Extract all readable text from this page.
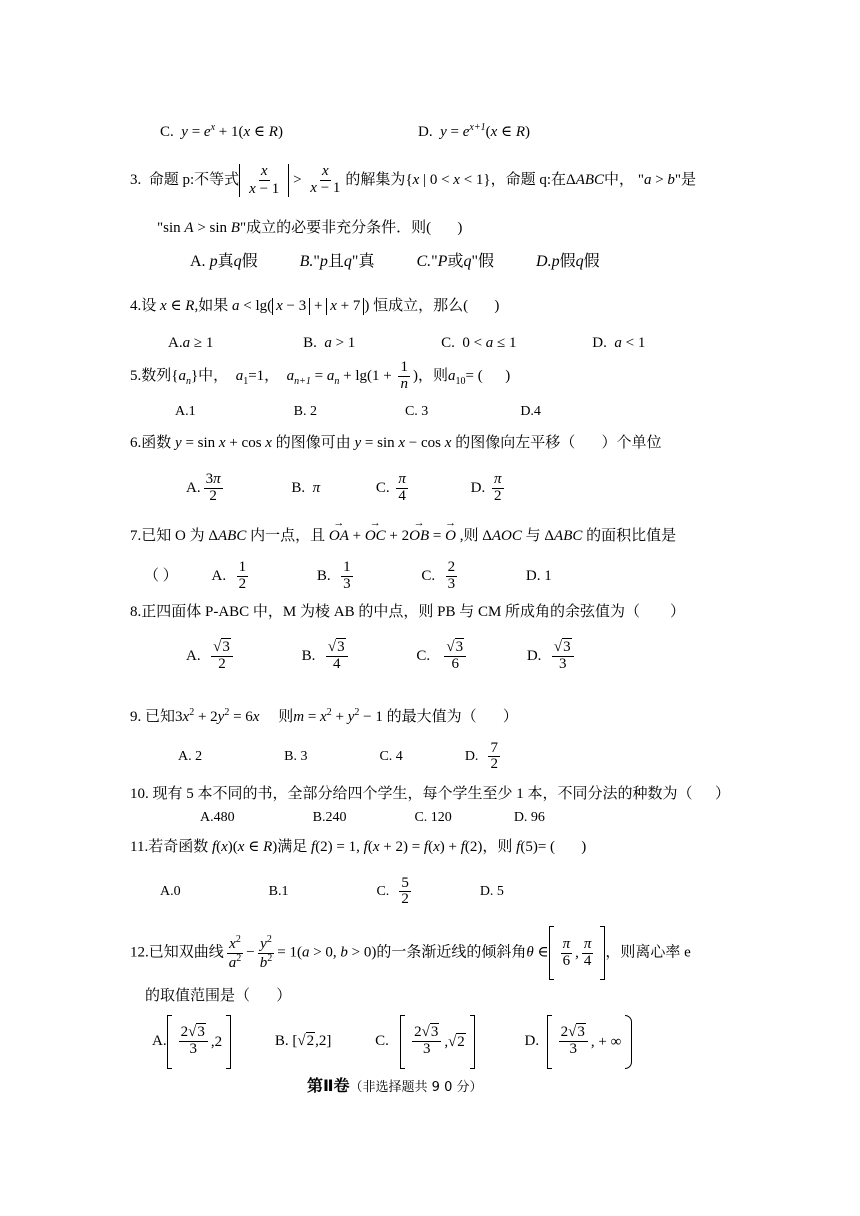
C. $y = e^x + 1(x$ ∈ R)	D. $y = e^{x+1}(x$ ∈ R)
3. 命题 p:不等式 $\frac{x}{x - 1} > \frac{x}{x - 1}$ 的解集为{x | 0 < x < 1}，命题 q:在ΔABC中， "a > b"是
"sin A > sin B"成立的必要非充分条件．则( )
A. p真q假 B."p且q"真 C."P或q"假 D.p假q假
4.设 x ∈ R,如果 a < lg( x − 3 + x + 7 ) 恒成立，那么( )
A.a ≥ 1	B. a > 1	C.  0 < a ≤ 1	D. a < 1
5.数列$\{a_n\}$中， $a_1=1$， $a_{n+1} = a_n + \lg(1 + \frac{1}{n}$ )，则$a_{10}=$ ( )
A.1	B. 2	C. 3	D.4
6.函数 y = sin x + cos x 的图像可由 y = sin x − cos x 的图像向左平移（ ）个单位
A. $\frac{3\pi}{2}$	B. π	C. $\frac{\pi}{4}$	D. $\frac{\pi}{2}$
7.已知 O 为 ΔABC 内一点，且 → OA + → OC + 2→ OB = → O ,则 ΔAOC 与 ΔABC 的面积比值是
（ ） A. $\frac{1}{2}$	B. $\frac{1}{3}$	C. $\frac{2}{3}$	D. 1
8.正四面体 P-ABC 中，M 为棱 AB 的中点，则 PB 与 CM 所成角的余弦值为（ ）
A. $\frac{√3}{2}$	B. $\frac{√3}{4}$	C. $\frac{√3}{6}$	D. $\frac{√3}{3}$
9. 已知$3x^2 + 2y^2 = 6x$ 则$m = x^2 + y^2 - 1$ 的最大值为（ ）
A. 2	B. 3	C. 4	D. $\frac{7}{2}$
10. 现有 5 本不同的书，全部分给四个学生，每个学生至少 1 本，不同分法的种数为（ ）
A.480	B.240	C. 120	D. 96
11.若奇函数 f(x)(x ∈ R)满足 f(2) = 1, f(x + 2) = f(x) + f(2)，则 f(5)= ( )
A.0	B.1	C. $\frac{5}{2}$	D. 5
12.已知双曲线 $\frac{x^2}{a^2} - \frac{y^2}{b^2} = 1(a > 0$, b > 0)的一条渐近线的倾斜角θ ∈
π
6 ,
π
4
，则离心率 e
的取值范围是（ ）
A.
2√3
3 ,2	B. [√2,2]	C.
2√3
3 , √2	D.
2√3
3 , + ∞
第Ⅱ卷（非选择题共 9 0 分）
